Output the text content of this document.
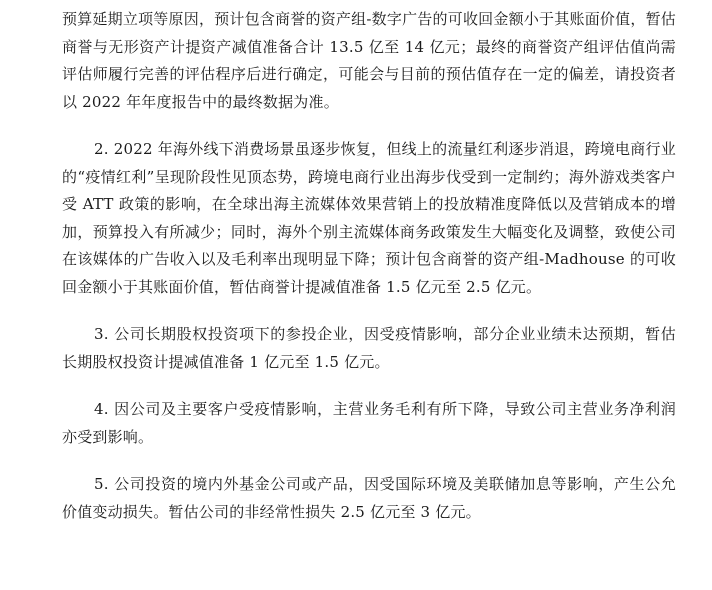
预算延期立项等原因，预计包含商誉的资产组-数字广告的可收回金额小于其账面价值，暂估商誉与无形资产计提资产减值准备合计 13.5 亿至 14 亿元；最终的商誉资产组评估值尚需评估师履行完善的评估程序后进行确定，可能会与目前的预估值存在一定的偏差，请投资者以 2022 年年度报告中的最终数据为准。

2. 2022 年海外线下消费场景虽逐步恢复，但线上的流量红利逐步消退，跨境电商行业的“疫情红利”呈现阶段性见顶态势，跨境电商行业出海步伐受到一定制约；海外游戏类客户受 ATT 政策的影响，在全球出海主流媒体效果营销上的投放精准度降低以及营销成本的增加，预算投入有所减少；同时，海外个别主流媒体商务政策发生大幅变化及调整，致使公司在该媒体的广告收入以及毛利率出现明显下降；预计包含商誉的资产组-Madhouse 的可收回金额小于其账面价值，暂估商誉计提减值准备 1.5 亿元至 2.5 亿元。

3. 公司长期股权投资项下的参投企业，因受疫情影响，部分企业业绩未达预期，暂估长期股权投资计提减值准备 1 亿元至 1.5 亿元。

4. 因公司及主要客户受疫情影响，主营业务毛利有所下降，导致公司主营业务净利润亦受到影响。

5. 公司投资的境内外基金公司或产品，因受国际环境及美联储加息等影响，产生公允价值变动损失。暂估公司的非经常性损失 2.5 亿元至 3 亿元。
